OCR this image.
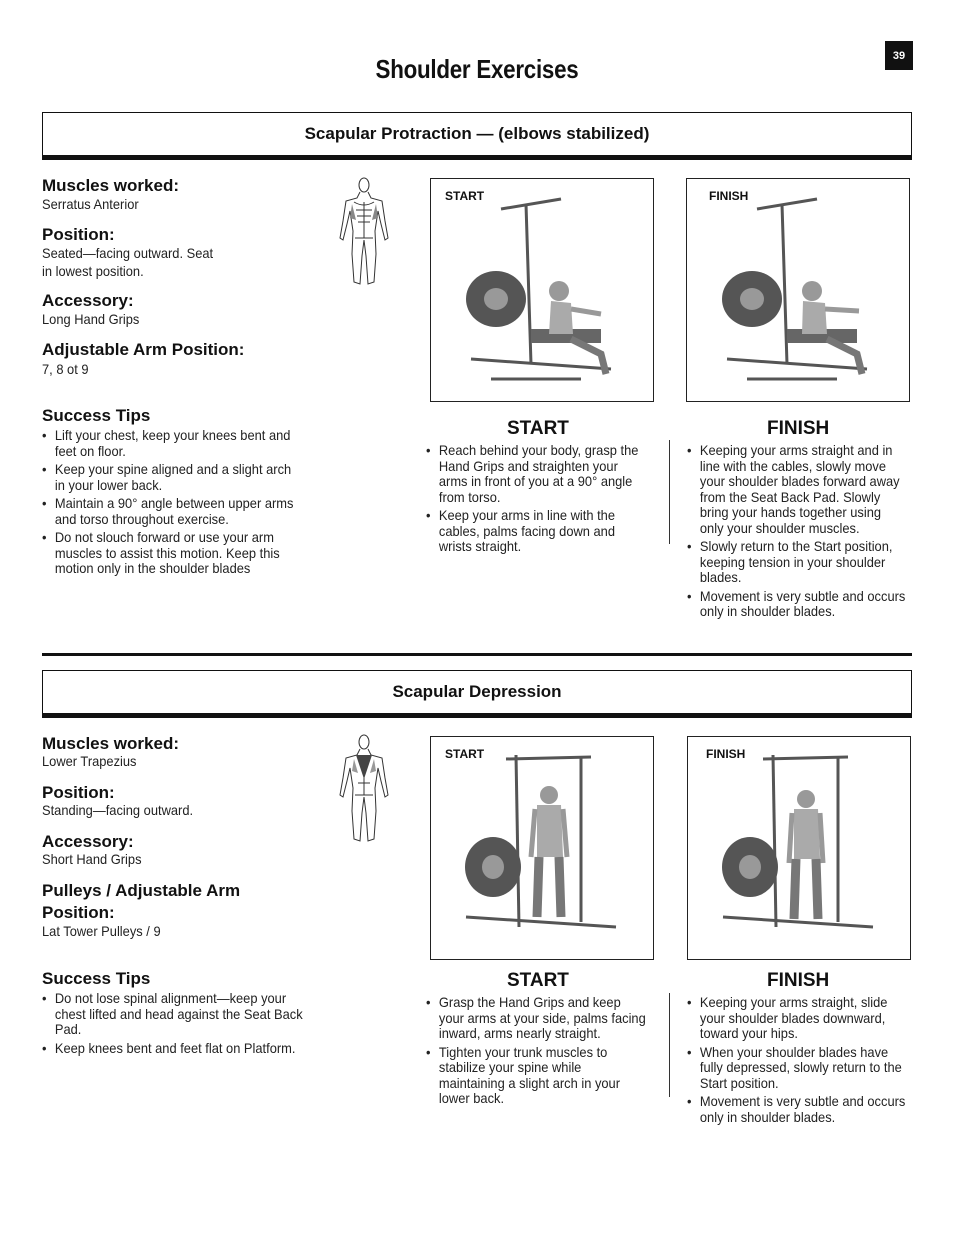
39
Shoulder Exercises
Scapular Protraction — (elbows stabilized)
Muscles worked:
Serratus Anterior
Position:
Seated—facing outward. Seat
in lowest position.
Accessory:
Long Hand Grips
Adjustable Arm Position:
7, 8 ot 9
Success Tips
• Lift your chest, keep your knees bent and feet on floor.
• Keep your spine aligned and a slight arch in your lower back.
• Maintain a 90° angle between upper arms and torso throughout exercise.
• Do not slouch forward or use your arm muscles to assist this motion. Keep this motion only in the shoulder blades
START	FINISH
START
• Reach behind your body, grasp the Hand Grips and straighten your arms in front of you at a 90° angle from torso.
• Keep your arms in line with the cables, palms facing down and wrists straight.
FINISH
• Keeping your arms straight and in line with the cables, slowly move your shoulder blades forward away from the Seat Back Pad. Slowly bring your hands together using only your shoulder muscles.
• Slowly return to the Start position, keeping tension in your shoulder blades.
• Movement is very subtle and occurs only in shoulder blades.
Scapular Depression
Muscles worked:
Lower Trapezius
Position:
Standing—facing outward.
Accessory:
Short Hand Grips
Pulleys / Adjustable Arm
Position:
Lat Tower Pulleys / 9
Success Tips
• Do not lose spinal alignment—keep your chest lifted and head against the Seat Back Pad.
• Keep knees bent and feet flat on Platform.
START	FINISH
START
• Grasp the Hand Grips and keep your arms at your side, palms facing inward, arms nearly straight.
• Tighten your trunk muscles to stabilize your spine while maintaining a slight arch in your lower back.
FINISH
• Keeping your arms straight, slide your shoulder blades downward, toward your hips.
• When your shoulder blades have fully depressed, slowly return to the Start position.
• Movement is very subtle and occurs only in shoulder blades.
